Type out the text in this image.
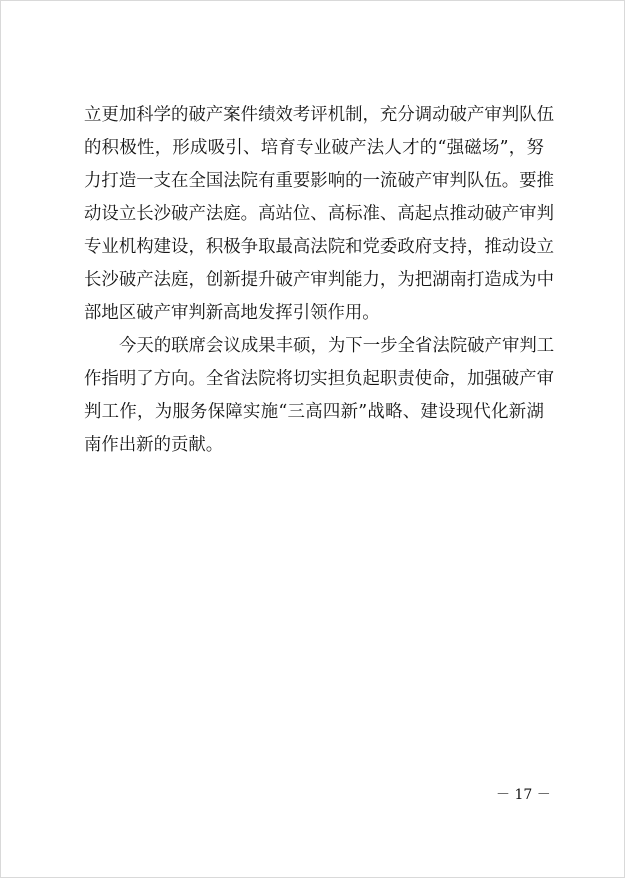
立 更 加 科 学 的 破 产 案 件 绩 效 考 评 机 制 ， 充 分 调 动 破 产 审 判 队 伍
的 积 极 性 ， 形 成 吸 引 、 培 育 专 业 破 产 法 人 才 的 “ 强 磁 场 ” ， 努
力 打 造 一 支 在 全 国 法 院 有 重 要 影 响 的 一 流 破 产 审 判 队 伍 。 要 推
动 设 立 长 沙 破 产 法 庭 。 高 站 位 、 高 标 准 、 高 起 点 推 动 破 产 审 判
专 业 机 构 建 设 ， 积 极 争 取 最 高 法 院 和 党 委 政 府 支 持 ， 推 动 设 立
长 沙 破 产 法 庭 ， 创 新 提 升 破 产 审 判 能 力 ， 为 把 湖 南 打 造 成 为 中
部地区破产审判新高地发挥引领作用。
今 天 的 联 席 会 议 成 果 丰 硕 ， 为 下 一 步 全 省 法 院 破 产 审 判 工
作 指 明 了 方 向 。 全 省 法 院 将 切 实 担 负 起 职 责 使 命 ， 加 强 破 产 审
判 工 作 ， 为 服 务 保 障 实 施 “ 三 高 四 新 ” 战 略 、 建 设 现 代 化 新 湖
南作出新的贡献。
－ 17 －
